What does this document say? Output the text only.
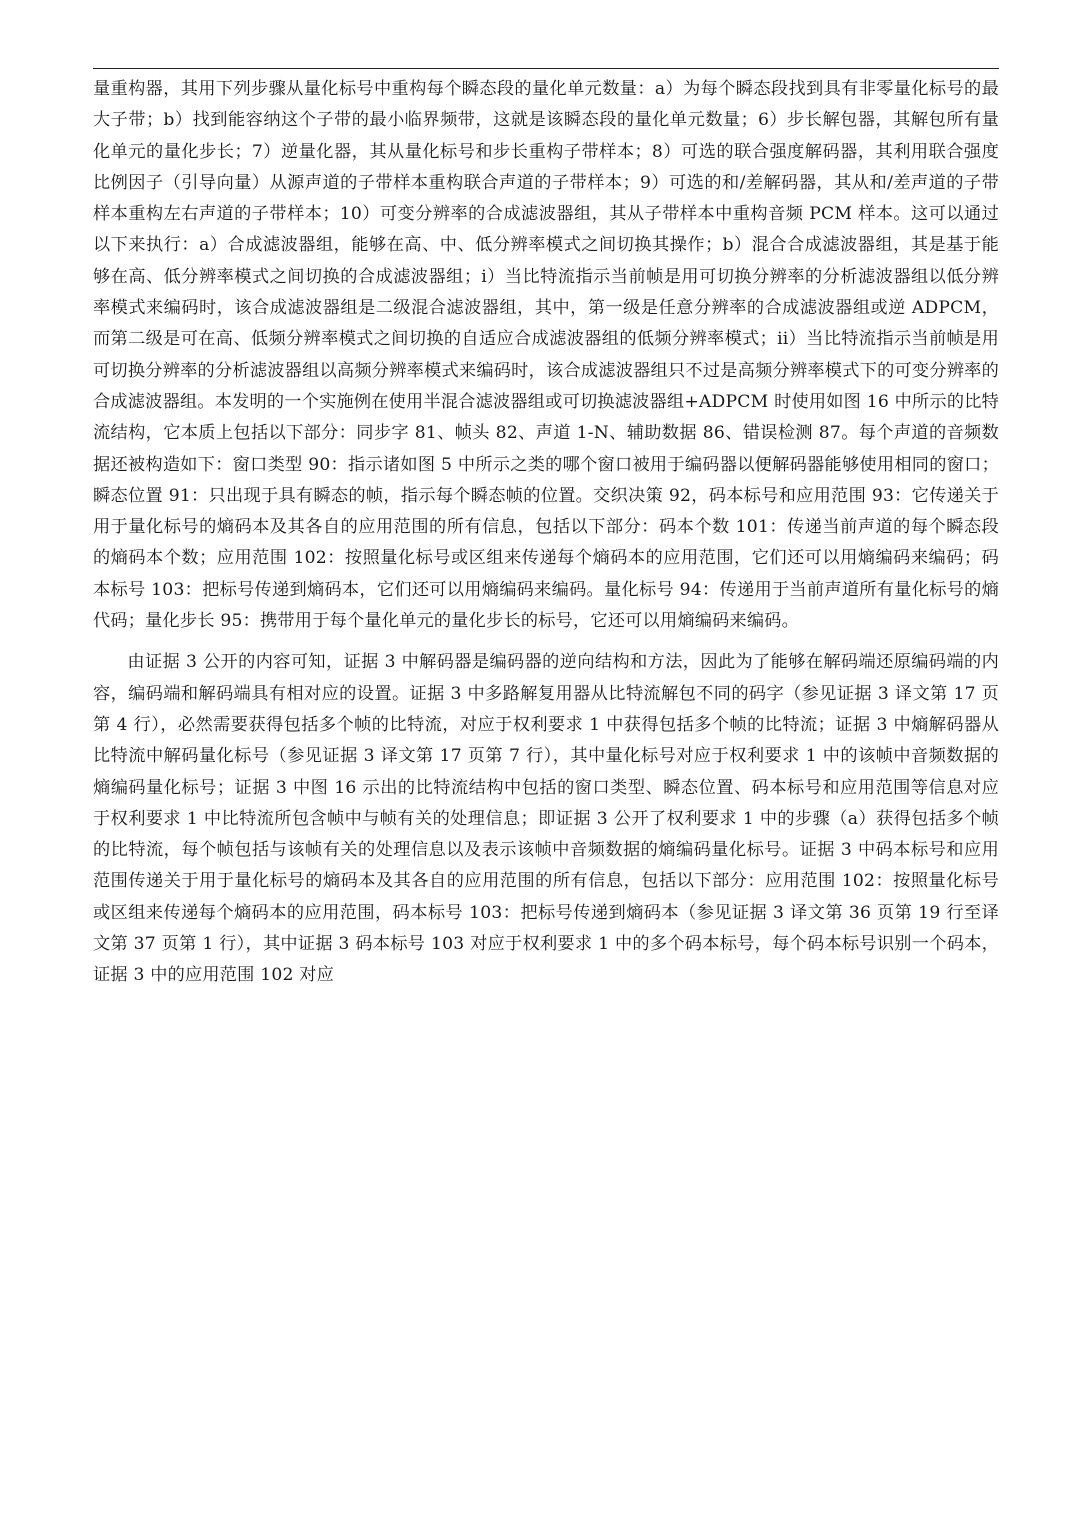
量重构器，其用下列步骤从量化标号中重构每个瞬态段的量化单元数量：a）为每个瞬态段找到具有非零量化标号的最大子带；b）找到能容纳这个子带的最小临界频带，这就是该瞬态段的量化单元数量；6）步长解包器，其解包所有量化单元的量化步长；7）逆量化器，其从量化标号和步长重构子带样本；8）可选的联合强度解码器，其利用联合强度比例因子（引导向量）从源声道的子带样本重构联合声道的子带样本；9）可选的和/差解码器，其从和/差声道的子带样本重构左右声道的子带样本；10）可变分辨率的合成滤波器组，其从子带样本中重构音频 PCM 样本。这可以通过以下来执行：a）合成滤波器组，能够在高、中、低分辨率模式之间切换其操作；b）混合合成滤波器组，其是基于能够在高、低分辨率模式之间切换的合成滤波器组；i）当比特流指示当前帧是用可切换分辨率的分析滤波器组以低分辨率模式来编码时，该合成滤波器组是二级混合滤波器组，其中，第一级是任意分辨率的合成滤波器组或逆 ADPCM，而第二级是可在高、低频分辨率模式之间切换的自适应合成滤波器组的低频分辨率模式；ii）当比特流指示当前帧是用可切换分辨率的分析滤波器组以高频分辨率模式来编码时，该合成滤波器组只不过是高频分辨率模式下的可变分辨率的合成滤波器组。本发明的一个实施例在使用半混合滤波器组或可切换滤波器组+ADPCM 时使用如图 16 中所示的比特流结构，它本质上包括以下部分：同步字 81、帧头 82、声道 1-N、辅助数据 86、错误检测 87。每个声道的音频数据还被构造如下：窗口类型 90：指示诸如图 5 中所示之类的哪个窗口被用于编码器以便解码器能够使用相同的窗口；瞬态位置 91：只出现于具有瞬态的帧，指示每个瞬态帧的位置。交织决策 92，码本标号和应用范围 93：它传递关于用于量化标号的熵码本及其各自的应用范围的所有信息，包括以下部分：码本个数 101：传递当前声道的每个瞬态段的熵码本个数；应用范围 102：按照量化标号或区组来传递每个熵码本的应用范围，它们还可以用熵编码来编码；码本标号 103：把标号传递到熵码本，它们还可以用熵编码来编码。量化标号 94：传递用于当前声道所有量化标号的熵代码；量化步长 95：携带用于每个量化单元的量化步长的标号，它还可以用熵编码来编码。

由证据 3 公开的内容可知，证据 3 中解码器是编码器的逆向结构和方法，因此为了能够在解码端还原编码端的内容，编码端和解码端具有相对应的设置。证据 3 中多路解复用器从比特流解包不同的码字（参见证据 3 译文第 17 页第 4 行），必然需要获得包括多个帧的比特流，对应于权利要求 1 中获得包括多个帧的比特流；证据 3 中熵解码器从比特流中解码量化标号（参见证据 3 译文第 17 页第 7 行），其中量化标号对应于权利要求 1 中的该帧中音频数据的熵编码量化标号；证据 3 中图 16 示出的比特流结构中包括的窗口类型、瞬态位置、码本标号和应用范围等信息对应于权利要求 1 中比特流所包含帧中与帧有关的处理信息；即证据 3 公开了权利要求 1 中的步骤（a）获得包括多个帧的比特流，每个帧包括与该帧有关的处理信息以及表示该帧中音频数据的熵编码量化标号。证据 3 中码本标号和应用范围传递关于用于量化标号的熵码本及其各自的应用范围的所有信息，包括以下部分：应用范围 102：按照量化标号或区组来传递每个熵码本的应用范围，码本标号 103：把标号传递到熵码本（参见证据 3 译文第 36 页第 19 行至译文第 37 页第 1 行），其中证据 3 码本标号 103 对应于权利要求 1 中的多个码本标号，每个码本标号识别一个码本，证据 3 中的应用范围 102 对应
